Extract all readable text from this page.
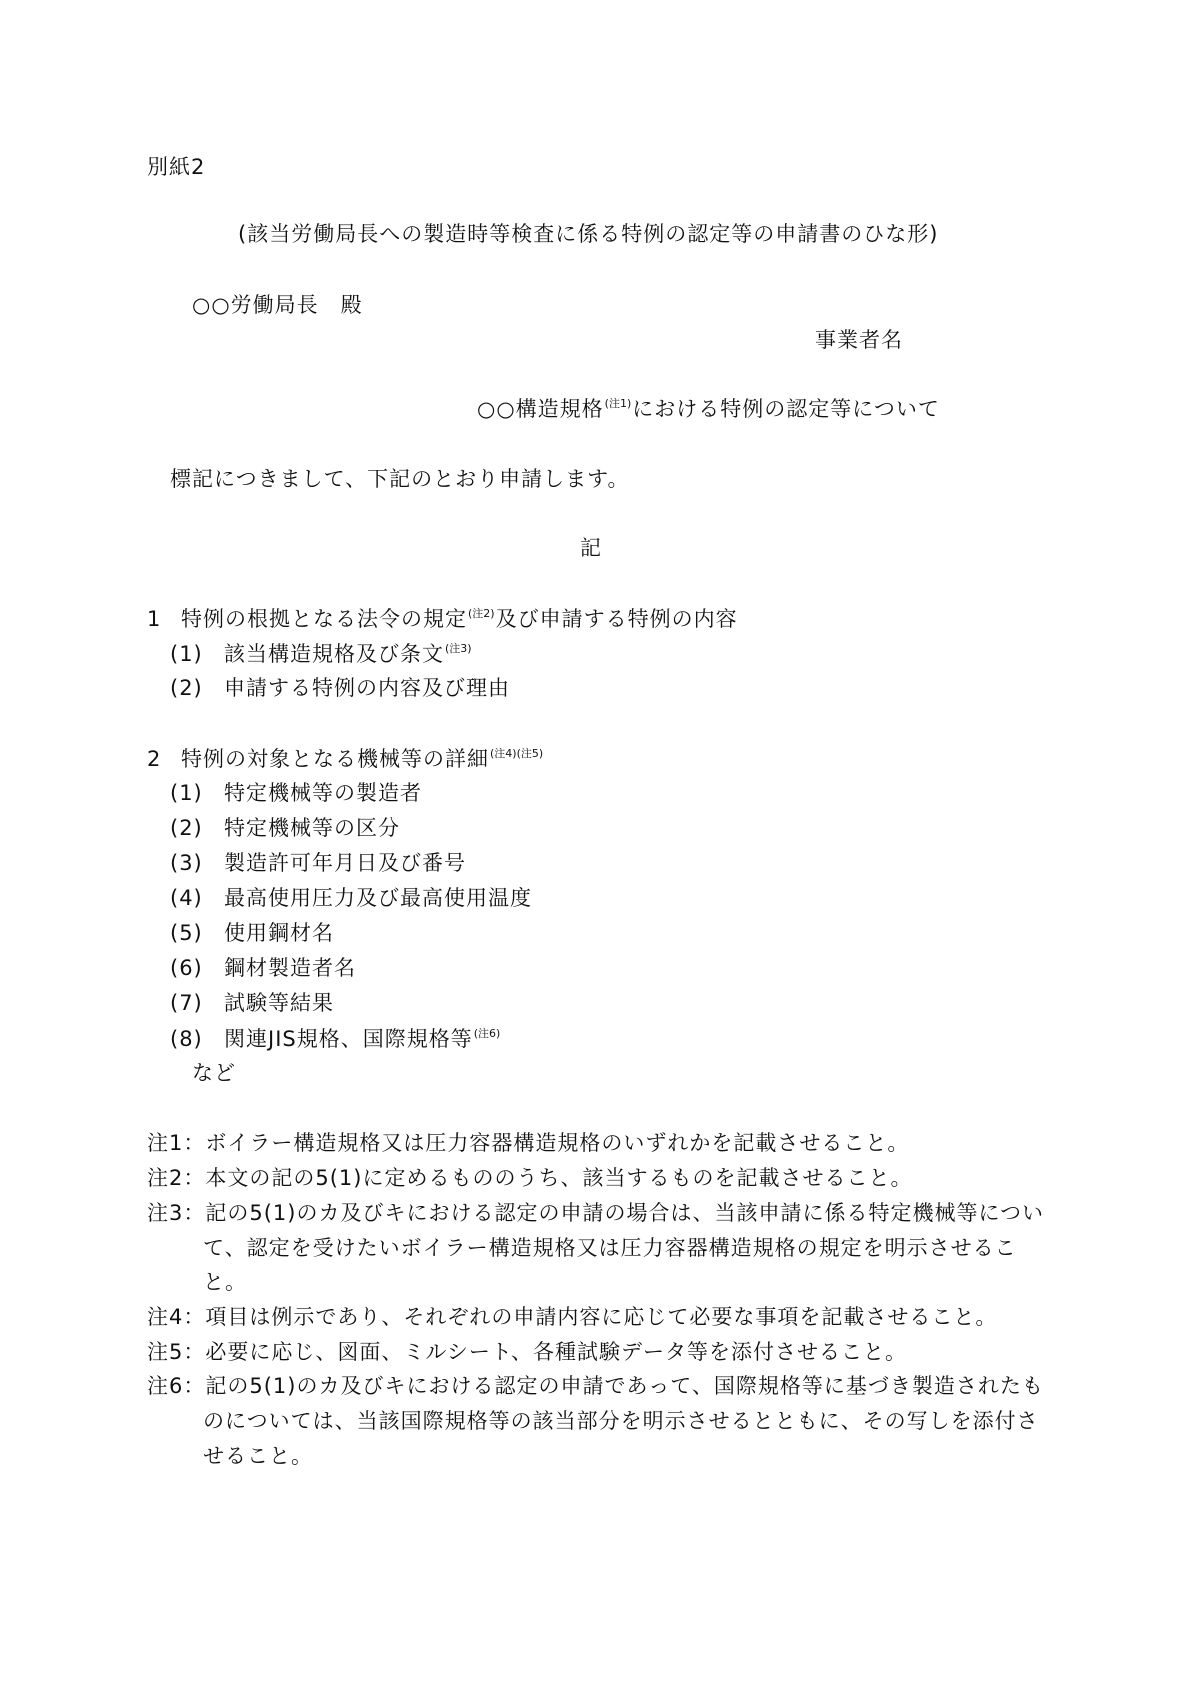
別紙2
(該当労働局長への製造時等検査に係る特例の認定等の申請書のひな形)
○○労働局長　殿
事業者名
○○構造規格$^{(注1)}$における特例の認定等について
標記につきまして、下記のとおり申請します。
記
1 特例の根拠となる法令の規定$^{(注2)}$及び申請する特例の内容
(1) 該当構造規格及び条文$^{(注3)}$
(2) 申請する特例の内容及び理由
2 特例の対象となる機械等の詳細$^{(注4)(注5)}$
(1) 特定機械等の製造者
(2) 特定機械等の区分
(3) 製造許可年月日及び番号
(4) 最高使用圧力及び最高使用温度
(5) 使用鋼材名
(6) 鋼材製造者名
(7) 試験等結果
(8) 関連JIS規格、国際規格等$^{(注6)}$
など
注1：ボイラー構造規格又は圧力容器構造規格のいずれかを記載させること。
注2：本文の記の5(1)に定めるもののうち、該当するものを記載させること。
注3：記の5(1)のカ及びキにおける認定の申請の場合は、当該申請に係る特定機械等につい
て、認定を受けたいボイラー構造規格又は圧力容器構造規格の規定を明示させるこ
と。
注4：項目は例示であり、それぞれの申請内容に応じて必要な事項を記載させること。
注5：必要に応じ、図面、ミルシート、各種試験データ等を添付させること。
注6：記の5(1)のカ及びキにおける認定の申請であって、国際規格等に基づき製造されたも
のについては、当該国際規格等の該当部分を明示させるとともに、その写しを添付さ
せること。
